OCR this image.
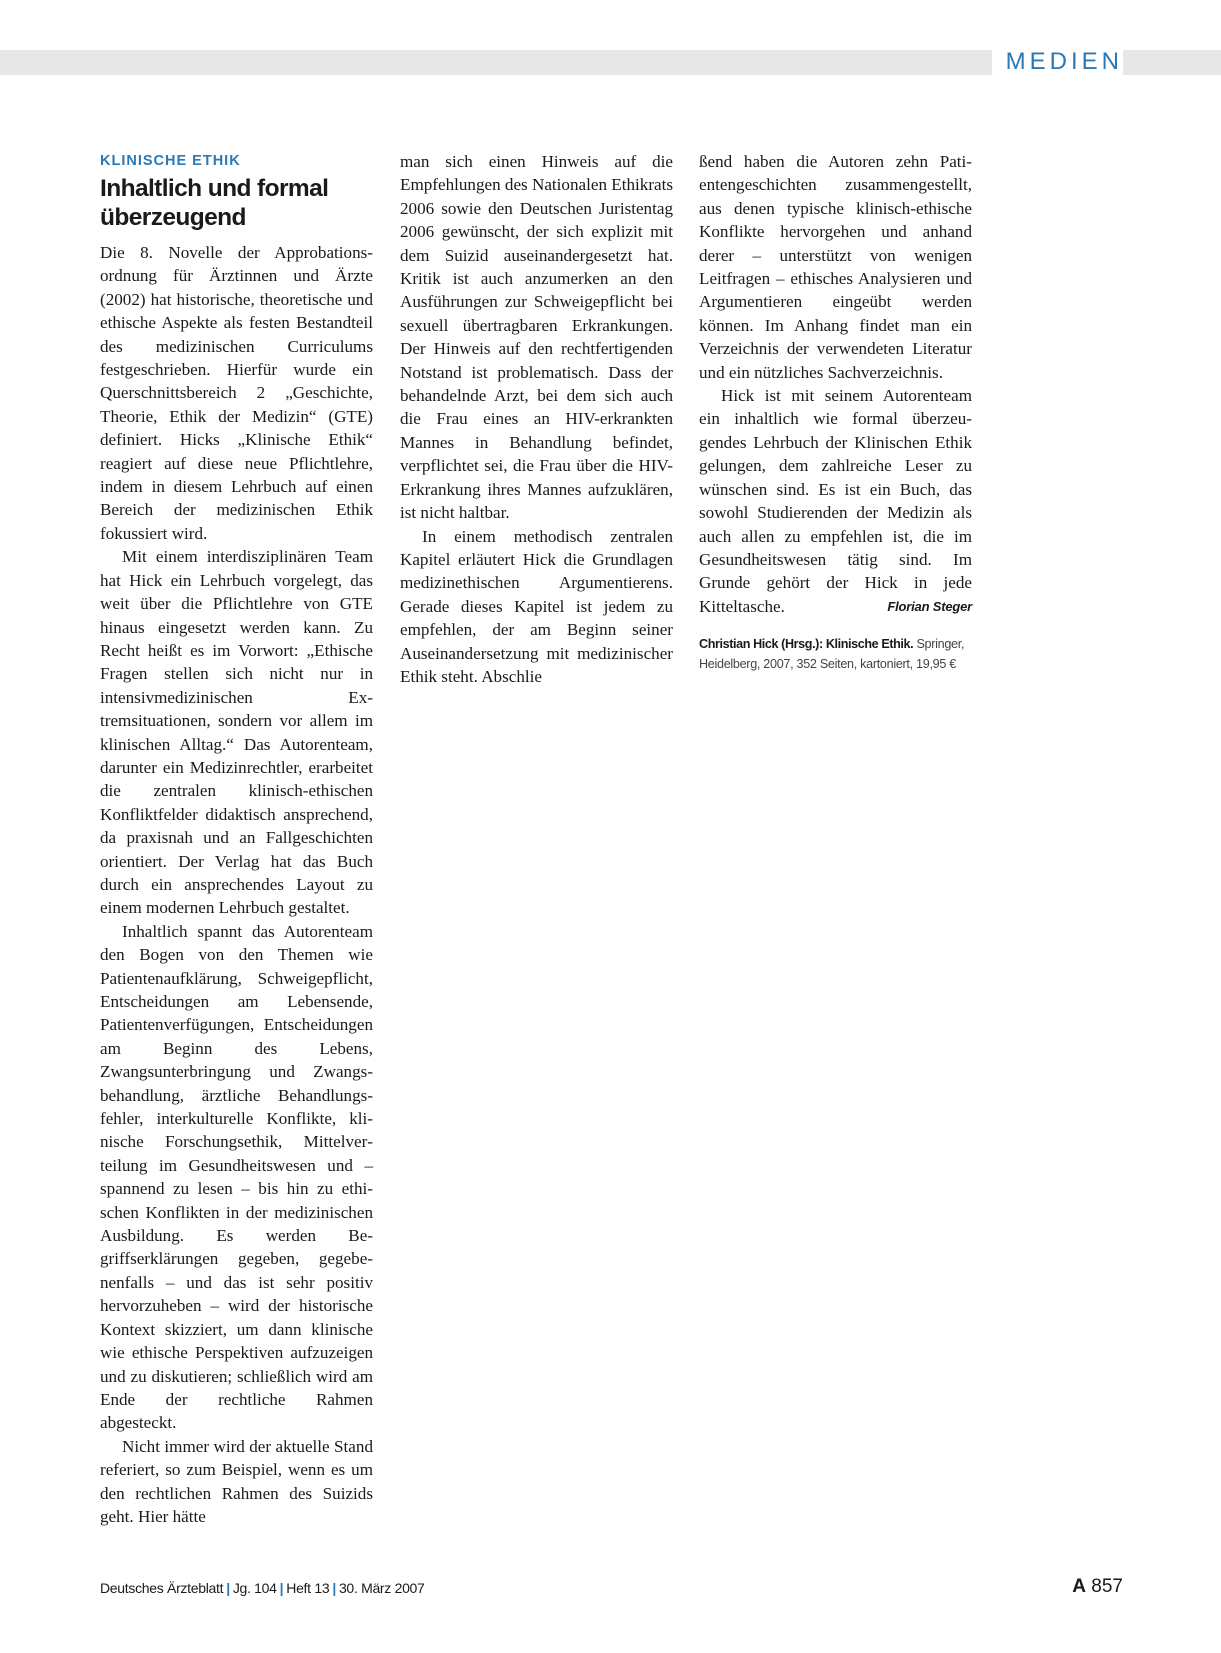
MEDIEN
KLINISCHE ETHIK
Inhaltlich und formal überzeugend

Die 8. Novelle der Approbationsordnung für Ärztinnen und Ärzte (2002) hat historische, theoretische und ethische Aspekte als festen Bestandteil des medizinischen Curriculums festgeschrieben. Hierfür wurde ein Querschnittsbereich 2 „Geschichte, Theorie, Ethik der Medizin“ (GTE) definiert. Hicks „Klinische Ethik“ reagiert auf diese neue Pflichtlehre, indem in diesem Lehrbuch auf einen Bereich der medizinischen Ethik fokussiert wird.

Mit einem interdisziplinären Team hat Hick ein Lehrbuch vorgelegt, das weit über die Pflichtlehre von GTE hinaus eingesetzt werden kann. Zu Recht heißt es im Vorwort: „Ethische Fragen stellen sich nicht nur in intensivmedizinischen Extremsituationen, sondern vor allem im klinischen Alltag.“ Das Autorenteam, darunter ein Medizinrechtler, erarbeitet die zentralen klinisch-ethischen Konfliktfelder didaktisch ansprechend, da praxisnah und an Fallgeschichten orientiert. Der Verlag hat das Buch durch ein ansprechendes Layout zu einem modernen Lehrbuch gestaltet.

Inhaltlich spannt das Autorenteam den Bogen von den Themen wie Patientenaufklärung, Schweigepflicht, Entscheidungen am Lebensende, Patientenverfügungen, Entscheidungen am Beginn des Lebens, Zwangsunterbringung und Zwangsbehandlung, ärztliche Behandlungsfehler, interkulturelle Konflikte, klinische Forschungsethik, Mittelverteilung im Gesundheitswesen und – spannend zu lesen – bis hin zu ethischen Konflikten in der medizinischen Ausbildung. Es werden Begriffserklärungen gegeben, gegebenenfalls – und das ist sehr positiv hervorzuheben – wird der historische Kontext skizziert, um dann klinische wie ethische Perspektiven aufzuzeigen und zu diskutieren; schließlich wird am Ende der rechtliche Rahmen abgesteckt.

Nicht immer wird der aktuelle Stand referiert, so zum Beispiel, wenn es um den rechtlichen Rahmen des Suizids geht. Hier hätte

man sich einen Hinweis auf die Empfehlungen des Nationalen Ethikrats 2006 sowie den Deutschen Juristentag 2006 gewünscht, der sich explizit mit dem Suizid auseinandergesetzt hat. Kritik ist auch anzumerken an den Ausführungen zur Schweigepflicht bei sexuell übertragbaren Erkrankungen. Der Hinweis auf den rechtfertigenden Notstand ist problematisch. Dass der behandelnde Arzt, bei dem sich auch die Frau eines an HIV-erkrankten Mannes in Behandlung befindet, verpflichtet sei, die Frau über die HIV-Erkrankung ihres Mannes aufzuklären, ist nicht haltbar.

In einem methodisch zentralen Kapitel erläutert Hick die Grundlagen medizinethischen Argumentierens. Gerade dieses Kapitel ist jedem zu empfehlen, der am Beginn seiner Auseinandersetzung mit medizinischer Ethik steht. Abschlie

ßend haben die Autoren zehn Patientengeschichten zusammengestellt, aus denen typische klinisch-ethische Konflikte hervorgehen und anhand derer – unterstützt von wenigen Leitfragen – ethisches Analysieren und Argumentieren eingeübt werden können. Im Anhang findet man ein Verzeichnis der verwendeten Literatur und ein nützliches Sachverzeichnis.

Hick ist mit seinem Autorenteam ein inhaltlich wie formal überzeugendes Lehrbuch der Klinischen Ethik gelungen, dem zahlreiche Leser zu wünschen sind. Es ist ein Buch, das sowohl Studierenden der Medizin als auch allen zu empfehlen ist, die im Gesundheitswesen tätig sind. Im Grunde gehört der Hick in jede Kitteltasche.	Florian Steger

Christian Hick (Hrsg.): Klinische Ethik. Springer, Heidelberg, 2007, 352 Seiten, kartoniert, 19,95 €
Deutsches Ärzteblatt | Jg. 104 | Heft 13 | 30. März 2007	A 857
